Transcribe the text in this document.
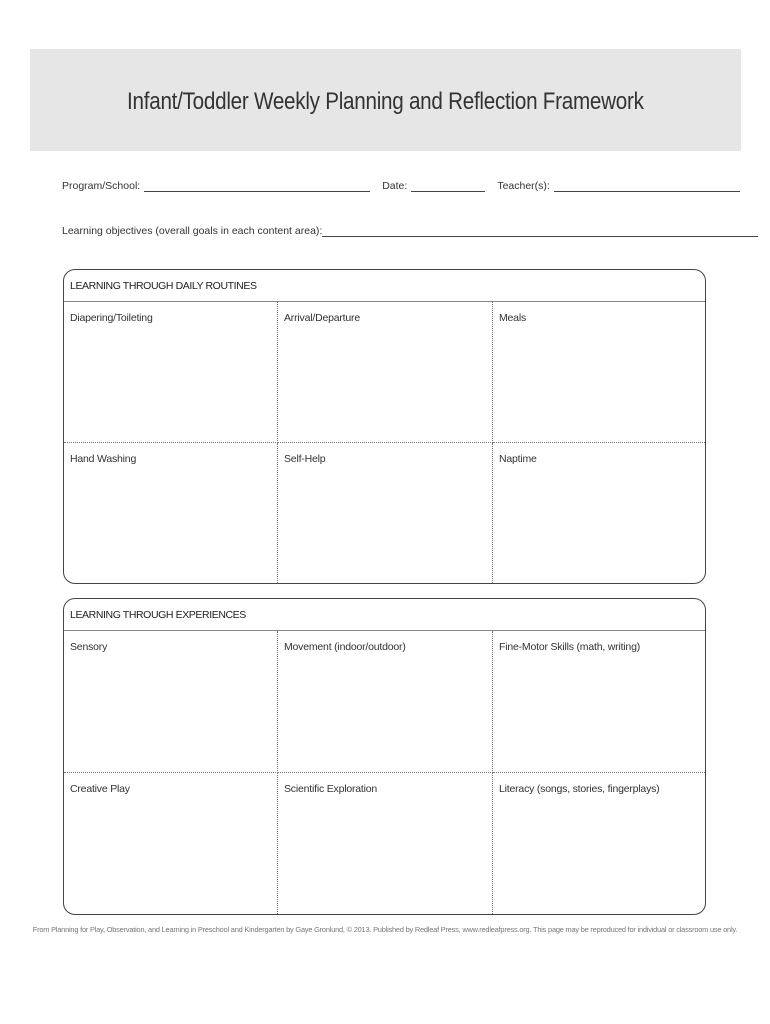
Infant/Toddler Weekly Planning and Reflection Framework
Program/School:	Date:	Teacher(s):
Learning objectives (overall goals in each content area):
LEARNING THROUGH DAILY ROUTINES
Diapering/Toileting	Arrival/Departure	Meals
Hand Washing	Self-Help	Naptime
LEARNING THROUGH EXPERIENCES
Sensory	Movement (indoor/outdoor)	Fine-Motor Skills (math, writing)
Creative Play	Scientific Exploration	Literacy (songs, stories, fingerplays)
From Planning for Play, Observation, and Learning in Preschool and Kindergarten by Gaye Gronlund, © 2013. Published by Redleaf Press, www.redleafpress.org. This page may be reproduced for individual or classroom use only.
